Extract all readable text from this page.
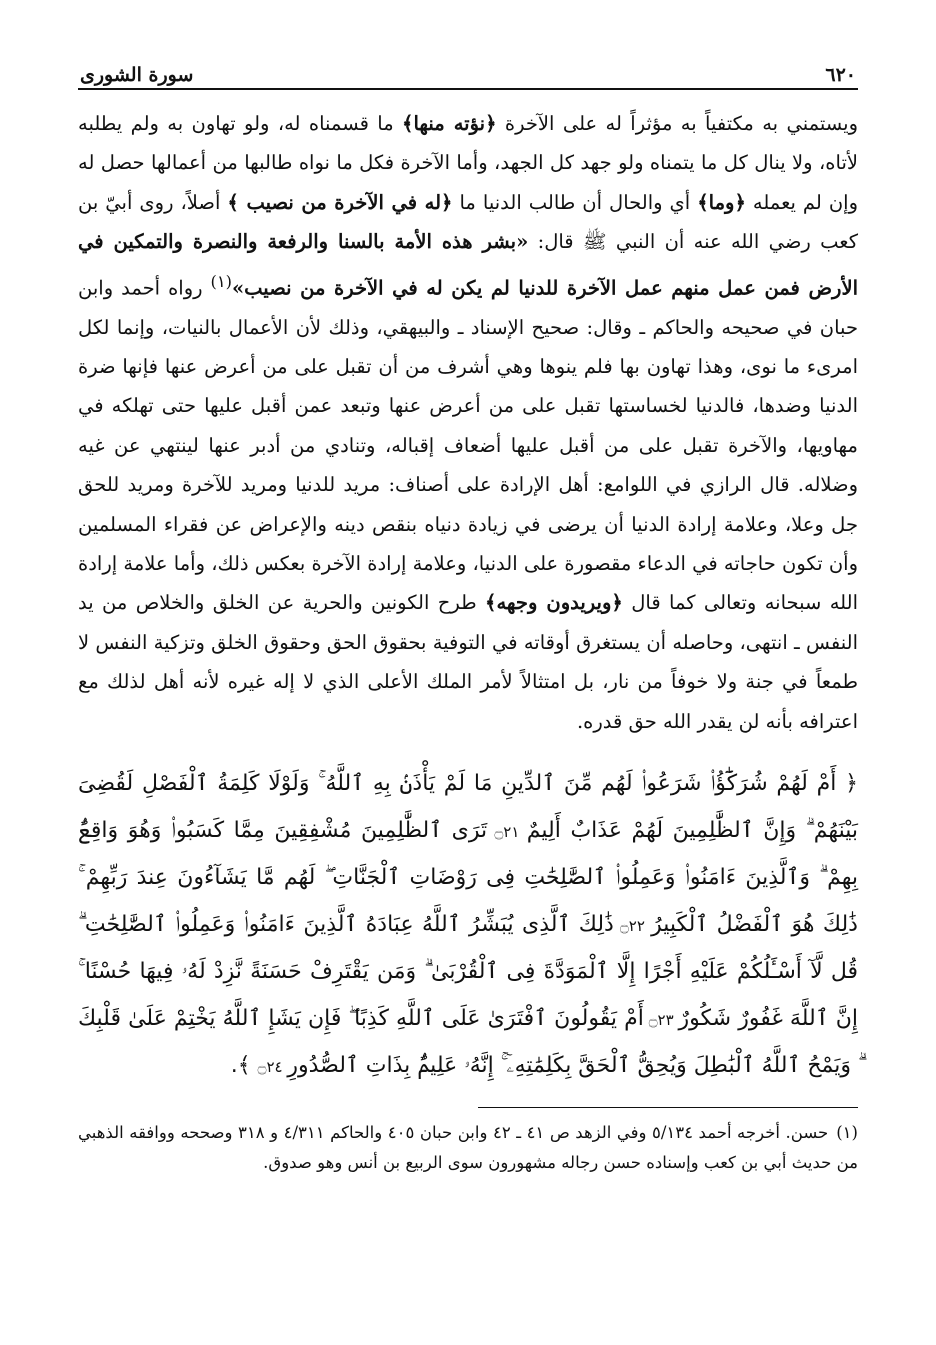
٦٢٠
سورة الشورى
ويستمني به مكتفياً به مؤثراً له على الآخرة ﴿نؤته منها﴾ ما قسمناه له، ولو تهاون به ولم يطلبه لأتاه، ولا ينال كل ما يتمناه ولو جهد كل الجهد، وأما الآخرة فكل ما نواه طالبها من أعمالها حصل له وإن لم يعمله ﴿وما﴾ أي والحال أن طالب الدنيا ما ﴿له في الآخرة من نصيب ﴾ أصلاً، روى أبيّ بن كعب رضي الله عنه أن النبي ﷺ قال: «بشر هذه الأمة بالسنا والرفعة والنصرة والتمكين في الأرض فمن عمل منهم عمل الآخرة للدنيا لم يكن له في الآخرة من نصيب»$^{(١)}$ رواه أحمد وابن حبان في صحيحه والحاكم ـ وقال: صحيح الإسناد ـ والبيهقي، وذلك لأن الأعمال بالنيات، وإنما لكل امرىء ما نوى، وهذا تهاون بها فلم ينوها وهي أشرف من أن تقبل على من أعرض عنها فإنها ضرة الدنيا وضدها، فالدنيا لخساستها تقبل على من أعرض عنها وتبعد عمن أقبل عليها حتى تهلكه في مهاويها، والآخرة تقبل على من أقبل عليها أضعاف إقباله، وتنادي من أدبر عنها لينتهي عن غيه وضلاله. قال الرازي في اللوامع: أهل الإرادة على أصناف: مريد للدنيا ومريد للآخرة ومريد للحق جل وعلا، وعلامة إرادة الدنيا أن يرضى في زيادة دنياه بنقص دينه والإعراض عن فقراء المسلمين وأن تكون حاجاته في الدعاء مقصورة على الدنيا، وعلامة إرادة الآخرة بعكس ذلك، وأما علامة إرادة الله سبحانه وتعالى كما قال ﴿ويريدون وجهه﴾ طرح الكونين والحرية عن الخلق والخلاص من يد النفس ـ انتهى، وحاصله أن يستغرق أوقاته في التوفية بحقوق الحق وحقوق الخلق وتزكية النفس لا طمعاً في جنة ولا خوفاً من نار، بل امتثالاً لأمر الملك الأعلى الذي لا إله غيره لأنه أهل لذلك مع اعترافه بأنه لن يقدر الله حق قدره.
﴿ أَمْ لَهُمْ شُرَكَٰٓؤُا۟ شَرَعُوا۟ لَهُم مِّنَ ٱلدِّينِ مَا لَمْ يَأْذَنۢ بِهِ ٱللَّهُ ۚ وَلَوْلَا كَلِمَةُ ٱلْفَصْلِ لَقُضِىَ بَيْنَهُمْ ۗ وَإِنَّ ٱلظَّٰلِمِينَ لَهُمْ عَذَابٌ أَلِيمٌ ۝٢١ تَرَى ٱلظَّٰلِمِينَ مُشْفِقِينَ مِمَّا كَسَبُوا۟ وَهُوَ وَاقِعٌۢ بِهِمْ ۗ وَٱلَّذِينَ ءَامَنُوا۟ وَعَمِلُوا۟ ٱلصَّٰلِحَٰتِ فِى رَوْضَاتِ ٱلْجَنَّاتِ ۖ لَهُم مَّا يَشَآءُونَ عِندَ رَبِّهِمْ ۚ ذَٰلِكَ هُوَ ٱلْفَضْلُ ٱلْكَبِيرُ ۝٢٢ ذَٰلِكَ ٱلَّذِى يُبَشِّرُ ٱللَّهُ عِبَادَهُ ٱلَّذِينَ ءَامَنُوا۟ وَعَمِلُوا۟ ٱلصَّٰلِحَٰتِ ۗ قُل لَّآ أَسْـَٔلُكُمْ عَلَيْهِ أَجْرًا إِلَّا ٱلْمَوَدَّةَ فِى ٱلْقُرْبَىٰ ۗ وَمَن يَقْتَرِفْ حَسَنَةً نَّزِدْ لَهُۥ فِيهَا حُسْنًا ۚ إِنَّ ٱللَّهَ غَفُورٌ شَكُورٌ ۝٢٣ أَمْ يَقُولُونَ ٱفْتَرَىٰ عَلَى ٱللَّهِ كَذِبًا ۖ فَإِن يَشَإِ ٱللَّهُ يَخْتِمْ عَلَىٰ قَلْبِكَ ۗ وَيَمْحُ ٱللَّهُ ٱلْبَٰطِلَ وَيُحِقُّ ٱلْحَقَّ بِكَلِمَٰتِهِۦٓ ۚ إِنَّهُۥ عَلِيمٌۢ بِذَاتِ ٱلصُّدُورِ ۝٢٤ ﴾.
(١)حسن. أخرجه أحمد ٥/١٣٤ وفي الزهد ص ٤١ ـ ٤٢ وابن حبان ٤٠٥ والحاكم ٤/٣١١ و ٣١٨ وصححه ووافقه الذهبي من حديث أبي بن كعب وإسناده حسن رجاله مشهورون سوى الربيع بن أنس وهو صدوق.
